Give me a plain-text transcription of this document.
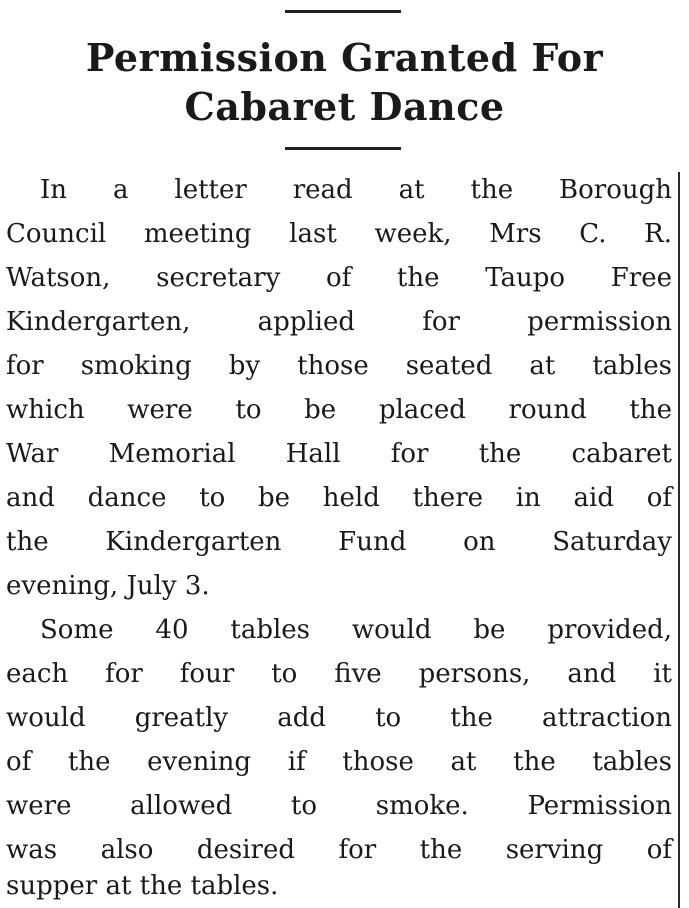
Permission Granted For
Cabaret Dance
In a letter read at the Borough
Council meeting last week, Mrs C. R.
Watson, secretary of the Taupo Free
Kindergarten, applied for permission
for smoking by those seated at tables
which were to be placed round the
War Memorial Hall for the cabaret
and dance to be held there in aid of
the Kindergarten Fund on Saturday
evening, July 3.
Some 40 tables would be provided,
each for four to five persons, and it
would greatly add to the attraction
of the evening if those at the tables
were allowed to smoke. Permission
was also desired for the serving of
supper at the tables.
